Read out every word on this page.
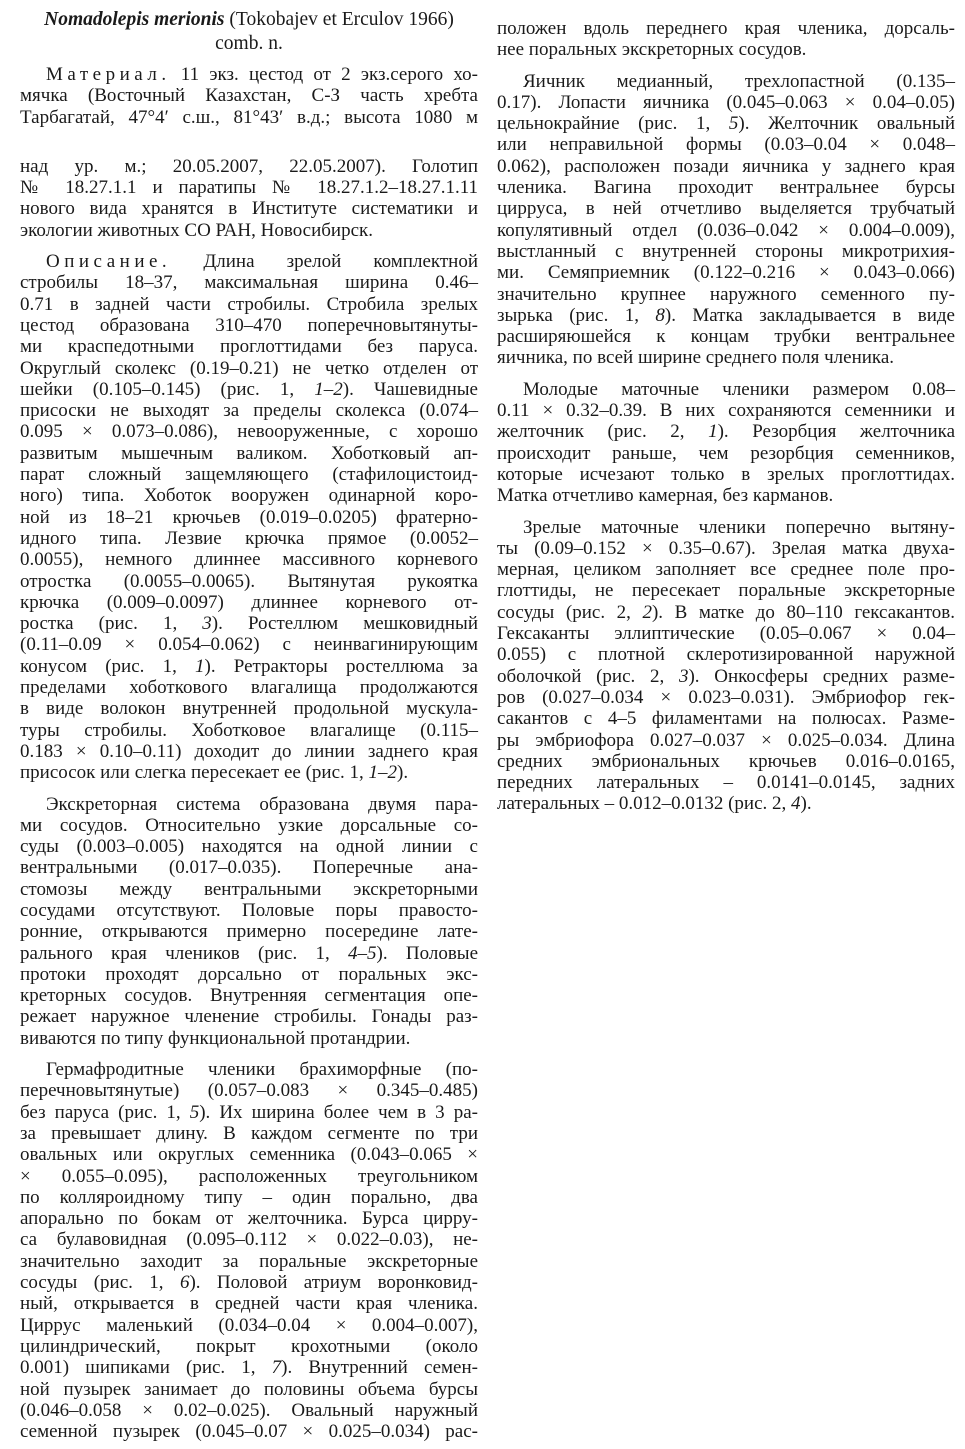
Nomadolepis merionis (Tokobajev et Erculov 1966)
comb. n.
Материал. 11 экз. цестод от 2 экз.серого хо-
мячка (Восточный Казахстан, С-З часть хребта
Тарбагатай, 47°4′ с.ш., 81°43′ в.д.; высота 1080 м
над ур. м.; 20.05.2007, 22.05.2007). Голотип
№ 18.27.1.1 и паратипы № 18.27.1.2–18.27.1.11
нового вида хранятся в Институте систематики и
экологии животных СО РАН, Новосибирск.
Описание. Длина зрелой комплектной
стробилы 18–37, максимальная ширина 0.46–
0.71 в задней части стробилы. Стробила зрелых
цестод образована 310–470 поперечновытянуты-
ми краспедотными проглоттидами без паруса.
Округлый сколекс (0.19–0.21) не четко отделен от
шейки (0.105–0.145) (рис. 1, 1–2). Чашевидные
присоски не выходят за пределы сколекса (0.074–
0.095 × 0.073–0.086), невооруженные, с хорошо
развитым мышечным валиком. Хоботковый ап-
парат сложный защемляющего (стафилоцистоид-
ного) типа. Хоботок вооружен одинарной коро-
ной из 18–21 крючьев (0.019–0.0205) фратерно-
идного типа. Лезвие крючка прямое (0.0052–
0.0055), немного длиннее массивного корневого
отростка (0.0055–0.0065). Вытянутая рукоятка
крючка (0.009–0.0097) длиннее корневого от-
ростка (рис. 1, 3). Ростеллюм мешковидный
(0.11–0.09 × 0.054–0.062) с неинвагинирующим
конусом (рис. 1, 1). Ретракторы ростеллюма за
пределами хоботкового влагалища продолжаются
в виде волокон внутренней продольной мускула-
туры стробилы. Хоботковое влагалище (0.115–
0.183 × 0.10–0.11) доходит до линии заднего края
присосок или слегка пересекает ее (рис. 1, 1–2).
Экскреторная система образована двумя пара-
ми сосудов. Относительно узкие дорсальные со-
суды (0.003–0.005) находятся на одной линии с
вентральными (0.017–0.035). Поперечные ана-
стомозы между вентральными экскреторными
сосудами отсутствуют. Половые поры правосто-
ронние, открываются примерно посередине лате-
рального края члеников (рис. 1, 4–5). Половые
протоки проходят дорсально от поральных экс-
креторных сосудов. Внутренняя сегментация опе-
режает наружное членение стробилы. Гонады раз-
виваются по типу функциональной протандрии.
Гермафродитные членики брахиморфные (по-
перечновытянутые) (0.057–0.083 × 0.345–0.485)
без паруса (рис. 1, 5). Их ширина более чем в 3 ра-
за превышает длину. В каждом сегменте по три
овальных или округлых семенника (0.043–0.065 ×
× 0.055–0.095), расположенных треугольником
по колляроидному типу – один порально, два
апорально по бокам от желточника. Бурса цирру-
са булавовидная (0.095–0.112 × 0.022–0.03), не-
значительно заходит за поральные экскреторные
сосуды (рис. 1, 6). Половой атриум воронковид-
ный, открывается в средней части края членика.
Циррус маленький (0.034–0.04 × 0.004–0.007),
цилиндрический, покрыт крохотными (около
0.001) шипиками (рис. 1, 7). Внутренний семен-
ной пузырек занимает до половины объема бурсы
(0.046–0.058 × 0.02–0.025). Овальный наружный
семенной пузырек (0.045–0.07 × 0.025–0.034) рас-
положен вдоль переднего края членика, дорсаль-
нее поральных экскреторных сосудов.
Яичник медианный, трехлопастной (0.135–
0.17). Лопасти яичника (0.045–0.063 × 0.04–0.05)
цельнокрайние (рис. 1, 5). Желточник овальный
или неправильной формы (0.03–0.04 × 0.048–
0.062), расположен позади яичника у заднего края
членика. Вагина проходит вентральнее бурсы
цирруса, в ней отчетливо выделяется трубчатый
копулятивный отдел (0.036–0.042 × 0.004–0.009),
выстланный с внутренней стороны микротрихия-
ми. Семяприемник (0.122–0.216 × 0.043–0.066)
значительно крупнее наружного семенного пу-
зырька (рис. 1, 8). Матка закладывается в виде
расширяюшейся к концам трубки вентральнее
яичника, по всей ширине среднего поля членика.
Молодые маточные членики размером 0.08–
0.11 × 0.32–0.39. В них сохраняются семенники и
желточник (рис. 2, 1). Резорбция желточника
происходит раньше, чем резорбция семенников,
которые исчезают только в зрелых проглоттидах.
Матка отчетливо камерная, без карманов.
Зрелые маточные членики поперечно вытяну-
ты (0.09–0.152 × 0.35–0.67). Зрелая матка двуха-
мерная, целиком заполняет все среднее поле про-
глоттиды, не пересекает поральные экскреторные
сосуды (рис. 2, 2). В матке до 80–110 гексакантов.
Гексаканты эллиптические (0.05–0.067 × 0.04–
0.055) с плотной склеротизированной наружной
оболочкой (рис. 2, 3). Онкосферы средних разме-
ров (0.027–0.034 × 0.023–0.031). Эмбриофор гек-
сакантов с 4–5 филаментами на полюсах. Разме-
ры эмбриофора 0.027–0.037 × 0.025–0.034. Длина
средних эмбриональных крючьев 0.016–0.0165,
передних латеральных – 0.0141–0.0145, задних
латеральных – 0.012–0.0132 (рис. 2, 4).
